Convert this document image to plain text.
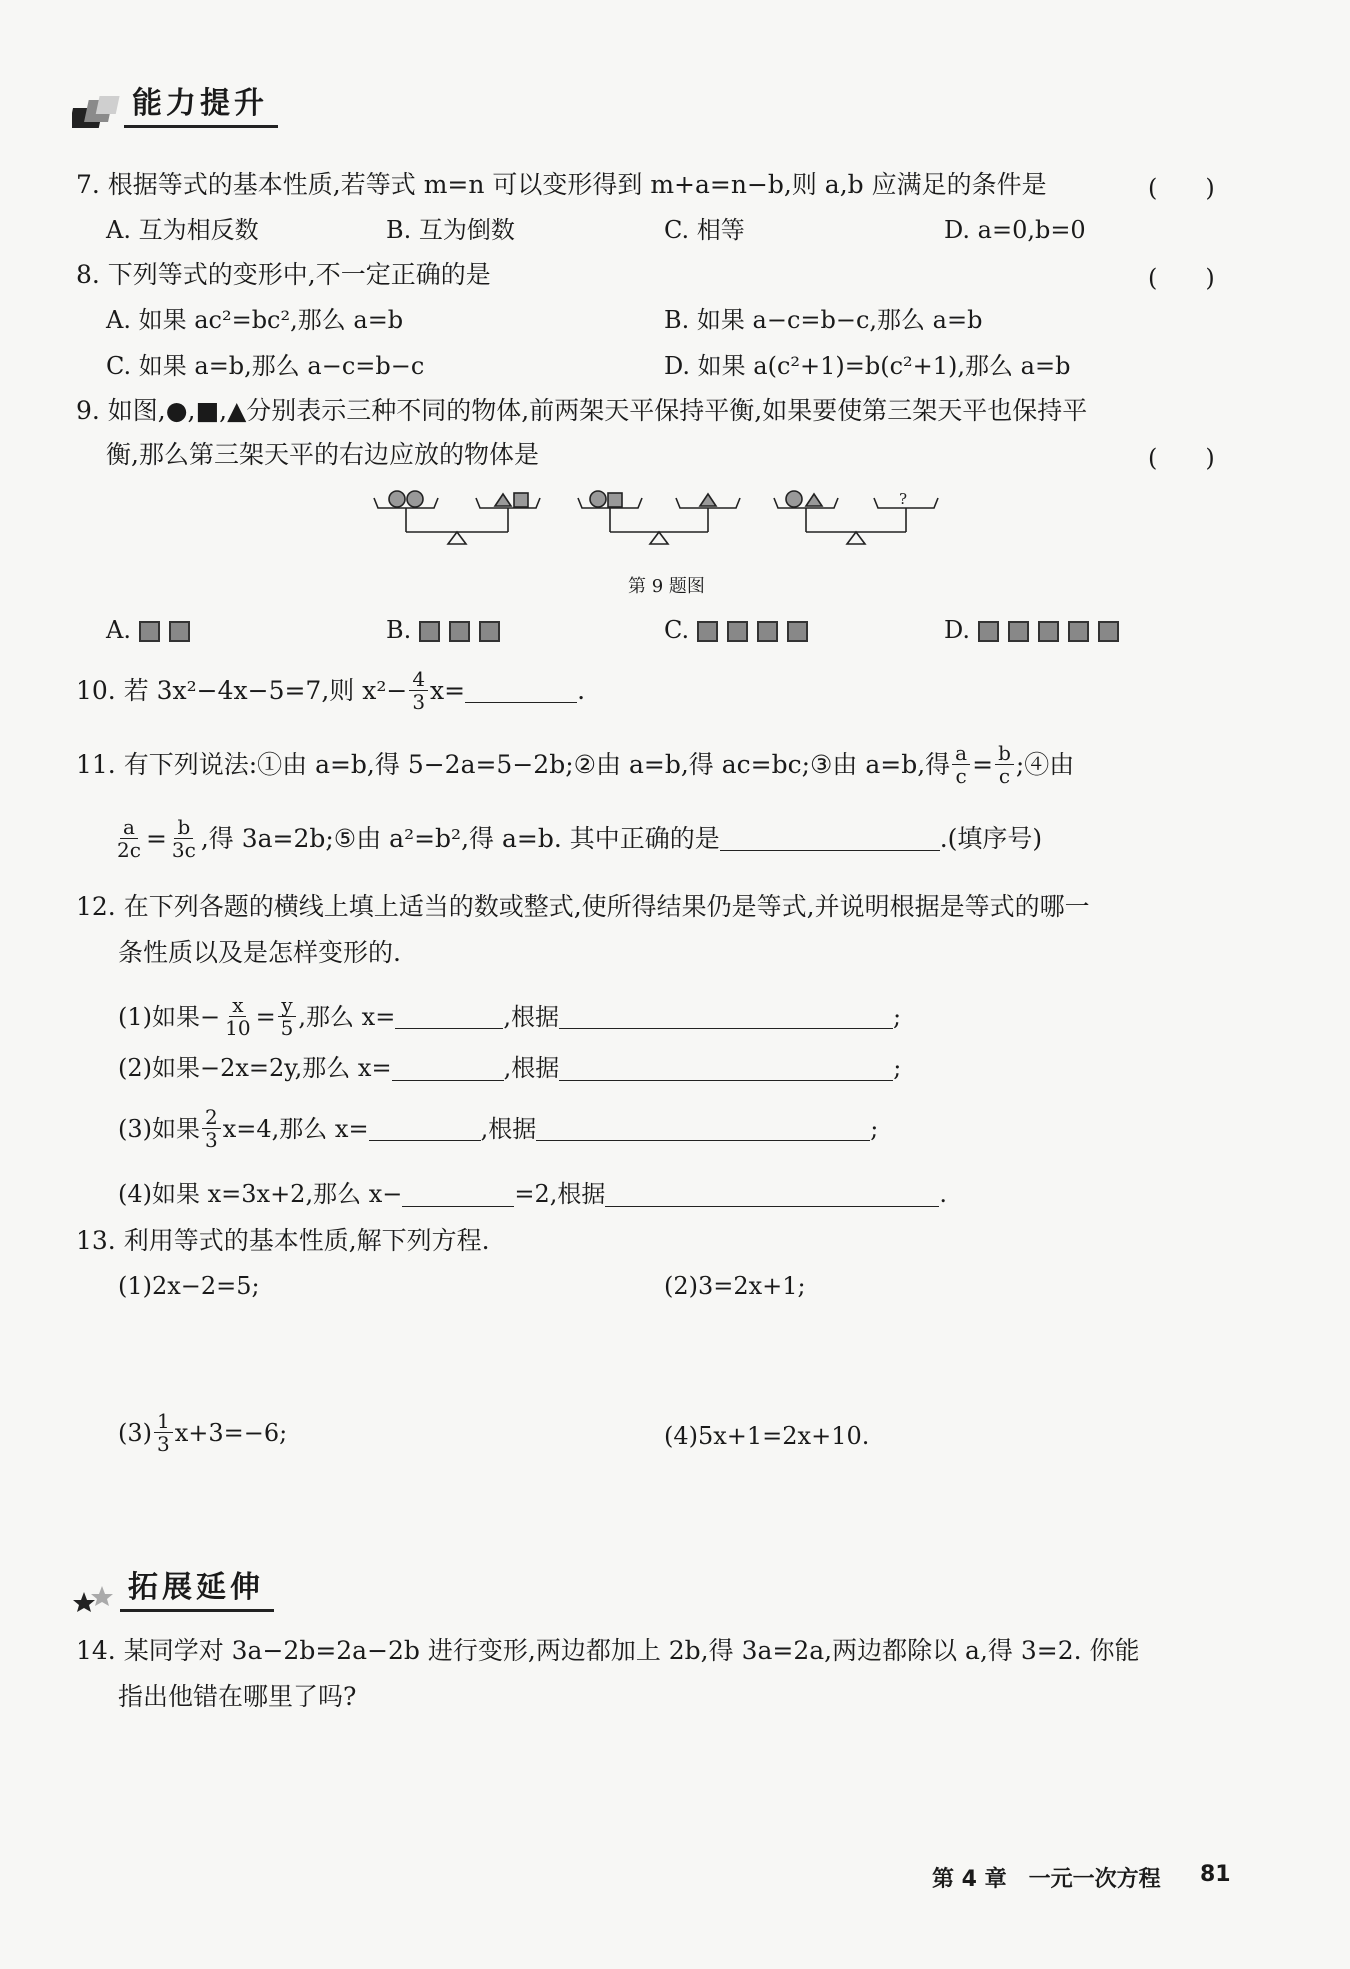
能力提升
7. 根据等式的基本性质,若等式 m=n 可以变形得到 m+a=n−b,则 a,b 应满足的条件是	(　　)
A. 互为相反数	B. 互为倒数	C. 相等	D. a=0,b=0
8. 下列等式的变形中,不一定正确的是	(　　)
A. 如果 ac²=bc²,那么 a=b	B. 如果 a−c=b−c,那么 a=b
C. 如果 a=b,那么 a−c=b−c	D. 如果 a(c²+1)=b(c²+1),那么 a=b
9. 如图,●,■,▲分别表示三种不同的物体,前两架天平保持平衡,如果要使第三架天平也保持平
衡,那么第三架天平的右边应放的物体是	(　　)
?
第 9 题图
A.	B.	C.	D.
10. 若 3x²−4x−5=7,则 $x^2- \frac{4}{3} x=$	.
11. 有下列说法:①由 a=b,得 5−2a=5−2b;②由 a=b,得 ac=bc;③由 a=b,得 $\frac{a}{c} = \frac{b}{c}$ ;④由
$\frac{a}{2c} = \frac{b}{3c}$ ,得 3a=2b;⑤由 a²=b²,得 a=b. 其中正确的是	.(填序号)
12. 在下列各题的横线上填上适当的数或整式,使所得结果仍是等式,并说明根据是等式的哪一
条性质以及是怎样变形的.
(1)如果− $\frac{x}{10} = \frac{y}{5}$ ,那么 x=	,根据	;
(2)如果−2x=2y,那么 x=	,根据	;
(3)如果 $\frac{2}{3} x=4$,那么 x=	,根据	;
(4)如果 x=3x+2,那么 x−	=2,根据	.
13. 利用等式的基本性质,解下列方程.
(1)2x−2=5;	(2)3=2x+1;
$(3) \frac{1}{3} x+3=-6$;	(4)5x+1=2x+10.
拓展延伸
14. 某同学对 3a−2b=2a−2b 进行变形,两边都加上 2b,得 3a=2a,两边都除以 a,得 3=2. 你能
指出他错在哪里了吗?
第 4 章　一元一次方程 81
